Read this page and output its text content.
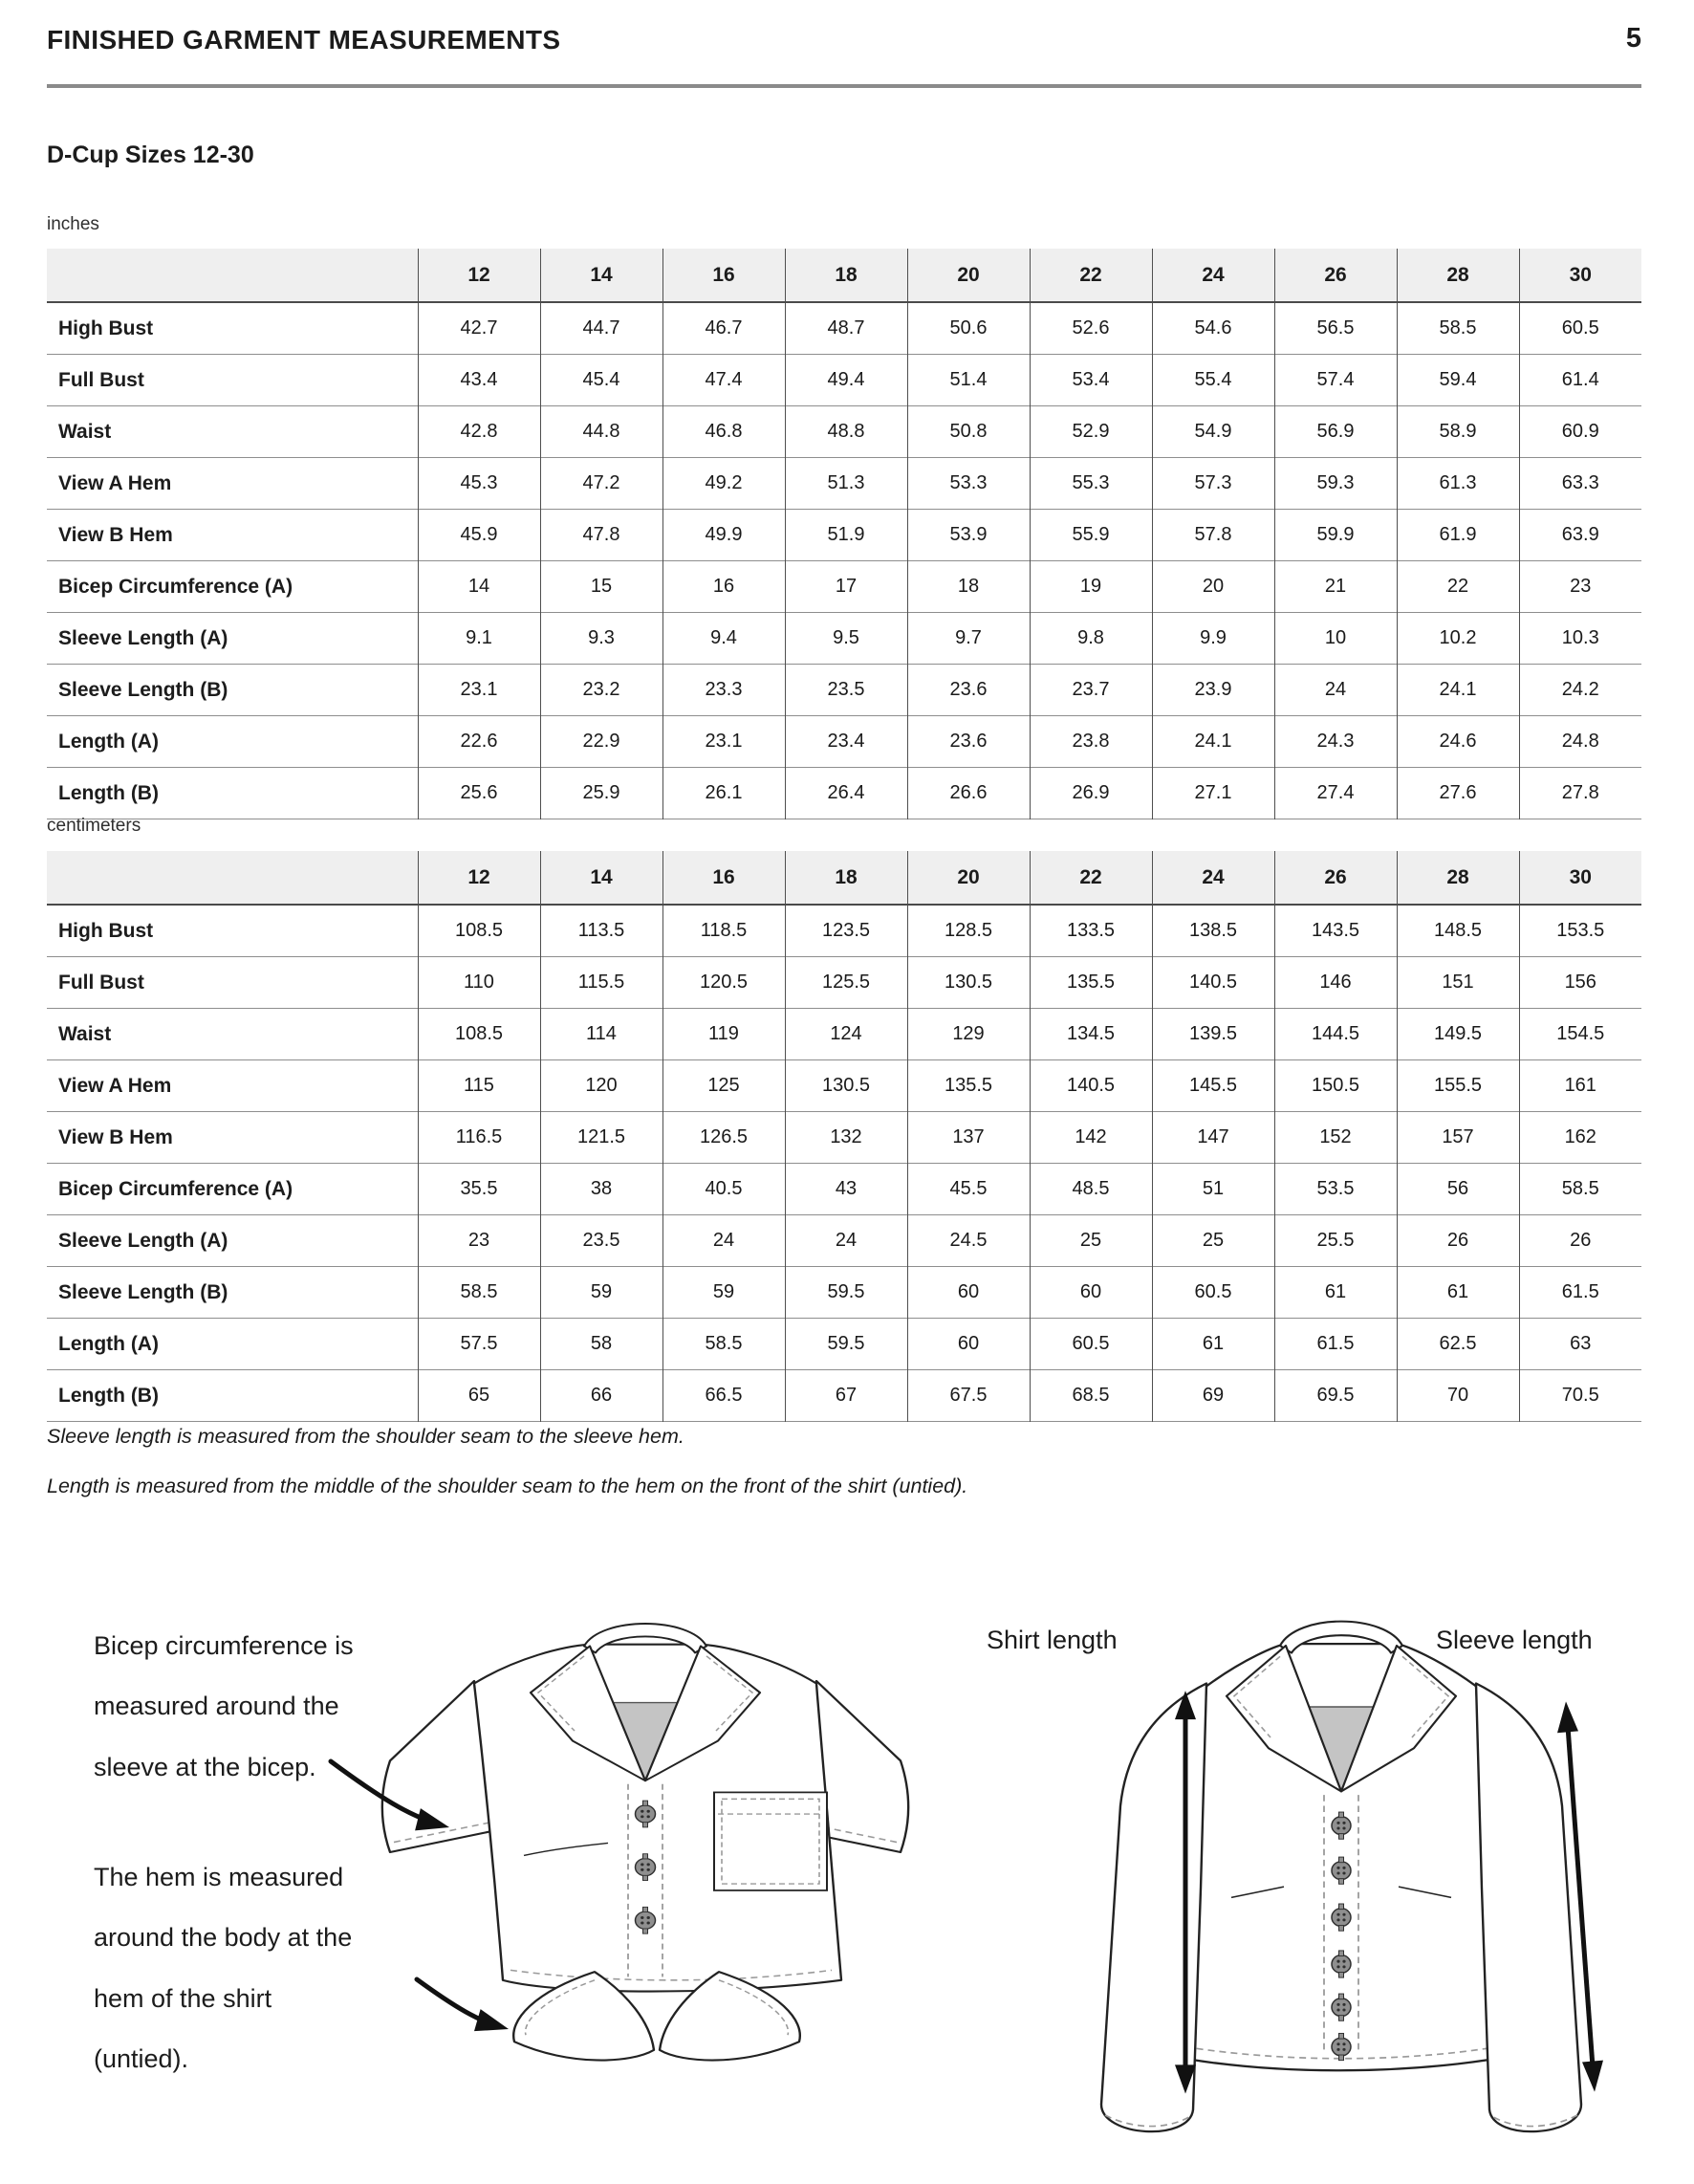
FINISHED GARMENT MEASUREMENTS	5
D-Cup Sizes 12-30
inches
	12	14	16	18	20	22	24	26	28	30
High Bust	42.7	44.7	46.7	48.7	50.6	52.6	54.6	56.5	58.5	60.5
Full Bust	43.4	45.4	47.4	49.4	51.4	53.4	55.4	57.4	59.4	61.4
Waist	42.8	44.8	46.8	48.8	50.8	52.9	54.9	56.9	58.9	60.9
View A Hem	45.3	47.2	49.2	51.3	53.3	55.3	57.3	59.3	61.3	63.3
View B Hem	45.9	47.8	49.9	51.9	53.9	55.9	57.8	59.9	61.9	63.9
Bicep Circumference (A)	14	15	16	17	18	19	20	21	22	23
Sleeve Length (A)	9.1	9.3	9.4	9.5	9.7	9.8	9.9	10	10.2	10.3
Sleeve Length (B)	23.1	23.2	23.3	23.5	23.6	23.7	23.9	24	24.1	24.2
Length (A)	22.6	22.9	23.1	23.4	23.6	23.8	24.1	24.3	24.6	24.8
Length (B)	25.6	25.9	26.1	26.4	26.6	26.9	27.1	27.4	27.6	27.8
centimeters
	12	14	16	18	20	22	24	26	28	30
High Bust	108.5	113.5	118.5	123.5	128.5	133.5	138.5	143.5	148.5	153.5
Full Bust	110	115.5	120.5	125.5	130.5	135.5	140.5	146	151	156
Waist	108.5	114	119	124	129	134.5	139.5	144.5	149.5	154.5
View A Hem	115	120	125	130.5	135.5	140.5	145.5	150.5	155.5	161
View B Hem	116.5	121.5	126.5	132	137	142	147	152	157	162
Bicep Circumference (A)	35.5	38	40.5	43	45.5	48.5	51	53.5	56	58.5
Sleeve Length (A)	23	23.5	24	24	24.5	25	25	25.5	26	26
Sleeve Length (B)	58.5	59	59	59.5	60	60	60.5	61	61	61.5
Length (A)	57.5	58	58.5	59.5	60	60.5	61	61.5	62.5	63
Length (B)	65	66	66.5	67	67.5	68.5	69	69.5	70	70.5

Sleeve length is measured from the shoulder seam to the sleeve hem.

Length is measured from the middle of the shoulder seam to the hem on the front of the shirt (untied).

Bicep circumference is measured around the sleeve at the bicep.
The hem is measured around the body at the hem of the shirt (untied).
Shirt length	Sleeve length
